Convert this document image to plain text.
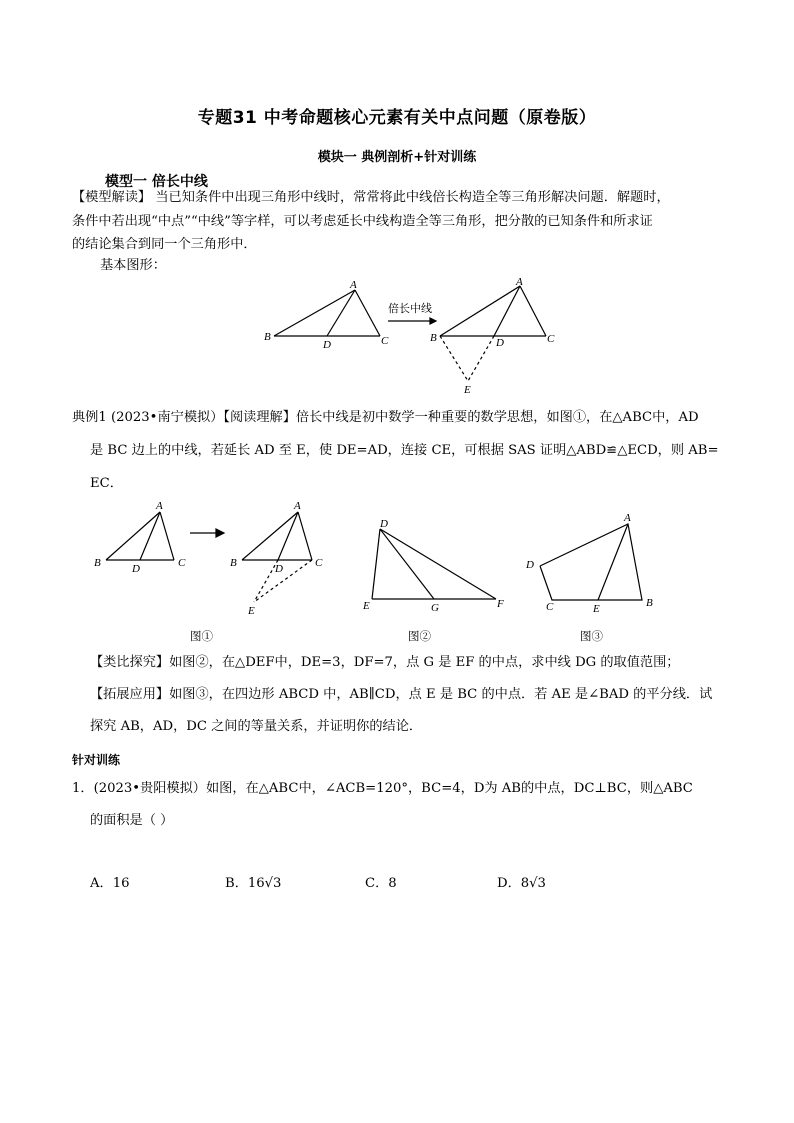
专题31 中考命题核心元素有关中点问题（原卷版）
模块一 典例剖析+针对训练
模型一 倍长中线
【模型解读】 当已知条件中出现三角形中线时，常常将此中线倍长构造全等三角形解决问题．解题时，
条件中若出现“中点”“中线”等字样，可以考虑延长中线构造全等三角形，把分散的已知条件和所求证
的结论集合到同一个三角形中．
基本图形：
A
B	C
D
倍长中线
A
B	C
D
E
典例1 (2023•南宁模拟）【阅读理解】倍长中线是初中数学一种重要的数学思想，如图①，在△ABC中，AD
是 BC 边上的中线，若延长 AD 至 E，使 DE=AD，连接 CE，可根据 SAS 证明△ABD≌△ECD，则 AB=
EC．
A
B	C
D
A
B	C
D
E
D
E	F
G
A
D
C	E	B
图①	图②	图③
【类比探究】如图②，在△DEF中，DE=3，DF=7，点 G 是 EF 的中点，求中线 DG 的取值范围；
【拓展应用】如图③，在四边形 ABCD 中，AB∥CD，点 E 是 BC 的中点．若 AE 是∠BAD 的平分线．试
探究 AB，AD，DC 之间的等量关系，并证明你的结论．
针对训练
1．(2023•贵阳模拟）如图，在△ABC中，∠ACB=120°，BC=4，D为 AB的中点，DC⊥BC，则△ABC
的面积是（ ）
A．16	B．16√3	C．8	D．8√3
